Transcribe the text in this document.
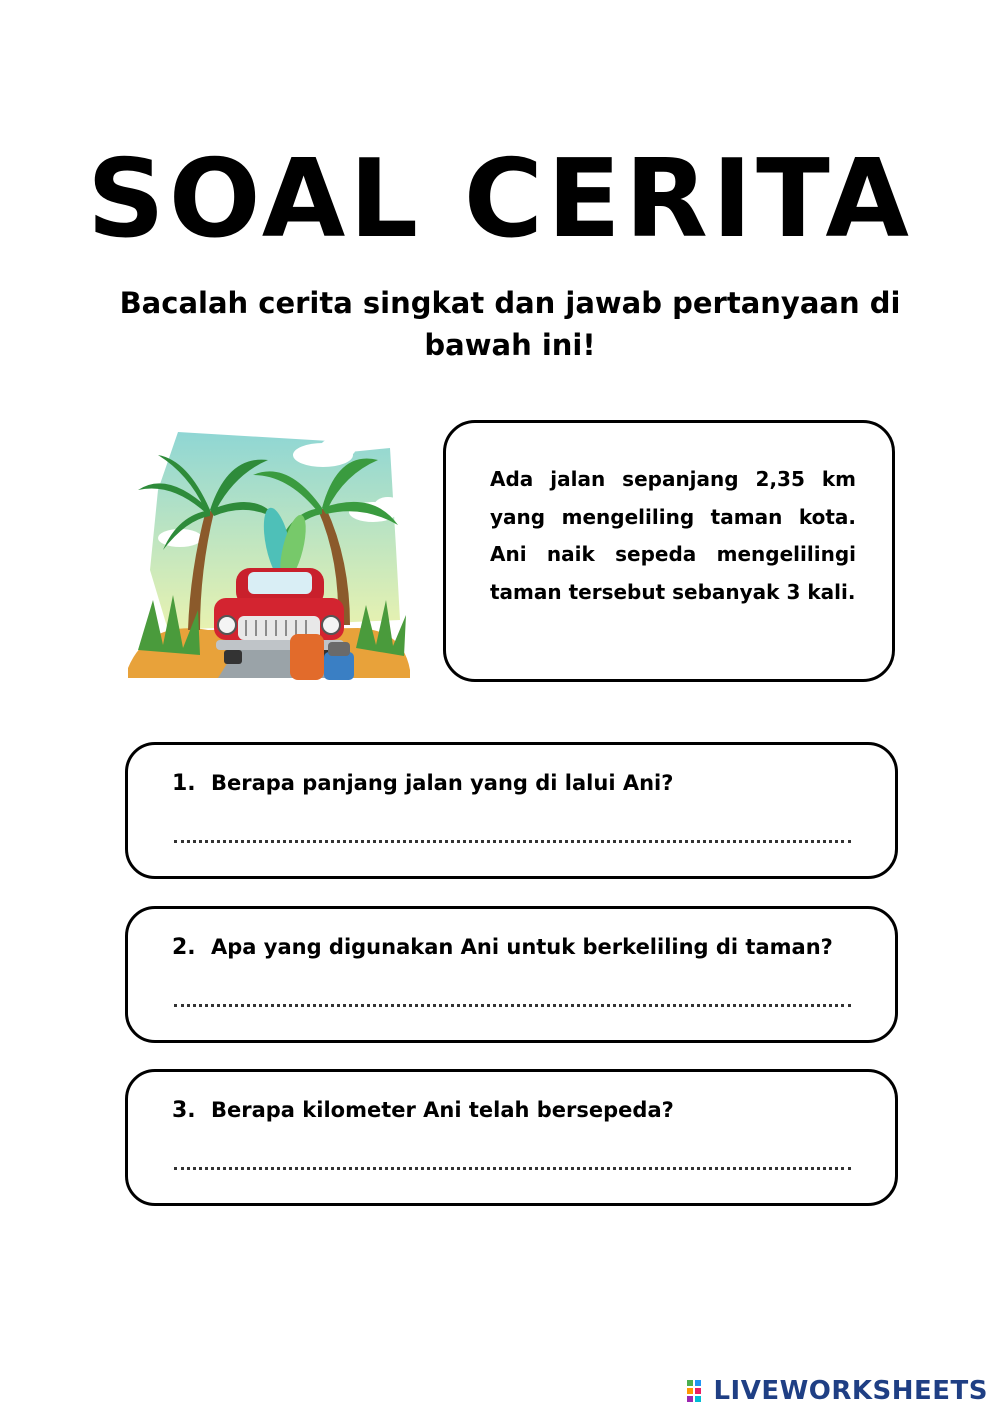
SOAL CERITA
Bacalah cerita singkat dan jawab pertanyaan di bawah ini!
Ada jalan sepanjang 2,35 km yang mengeliling taman kota. Ani naik sepeda mengelilingi taman tersebut sebanyak 3 kali.
1. Berapa panjang jalan yang di lalui Ani?
2. Apa yang digunakan Ani untuk berkeliling di taman?
3. Berapa kilometer Ani telah bersepeda?
LIVEWORKSHEETS
